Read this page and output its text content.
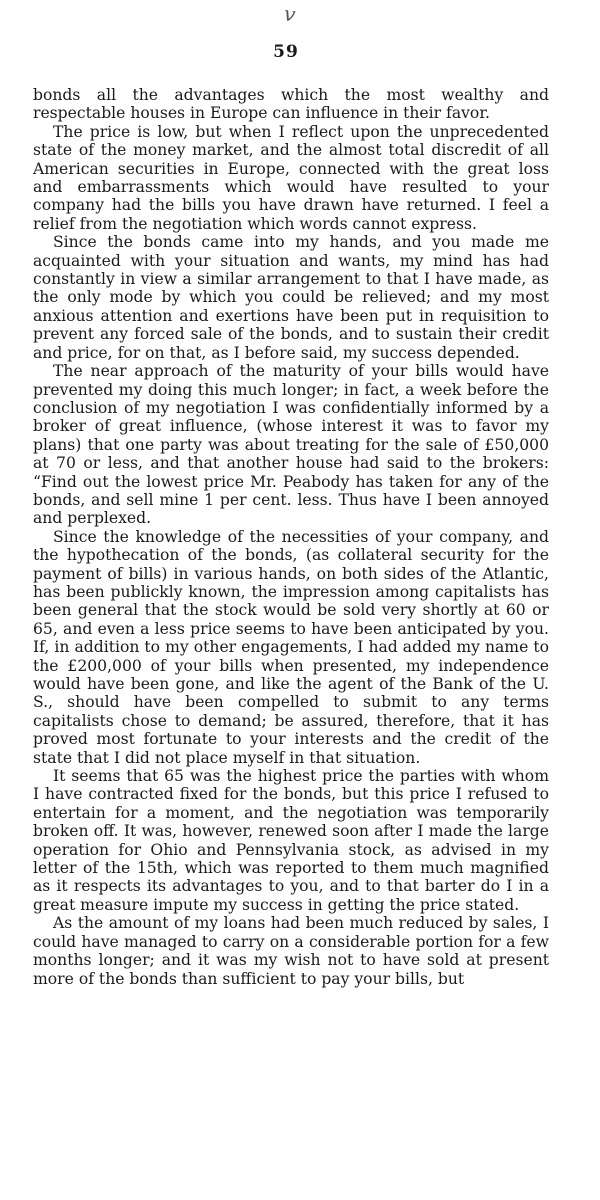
v
59

bonds all the advantages which the most wealthy and respectable houses in Europe can influence in their favor.

The price is low, but when I reflect upon the unprecedented state of the money market, and the almost total discredit of all American securities in Europe, connected with the great loss and embarrassments which would have resulted to your company had the bills you have drawn have returned. I feel a relief from the negotiation which words cannot express.

Since the bonds came into my hands, and you made me acquainted with your situation and wants, my mind has had constantly in view a similar arrangement to that I have made, as the only mode by which you could be relieved; and my most anxious attention and exertions have been put in requisition to prevent any forced sale of the bonds, and to sustain their credit and price, for on that, as I before said, my success depended.

The near approach of the maturity of your bills would have prevented my doing this much longer; in fact, a week before the conclusion of my negotiation I was confidentially informed by a broker of great influence, (whose interest it was to favor my plans) that one party was about treating for the sale of £50,000 at 70 or less, and that another house had said to the brokers: “Find out the lowest price Mr. Peabody has taken for any of the bonds, and sell mine 1 per cent. less. Thus have I been annoyed and perplexed.

Since the knowledge of the necessities of your company, and the hypothecation of the bonds, (as collateral security for the payment of bills) in various hands, on both sides of the Atlantic, has been publickly known, the impression among capitalists has been general that the stock would be sold very shortly at 60 or 65, and even a less price seems to have been anticipated by you. If, in addition to my other engagements, I had added my name to the £200,000 of your bills when presented, my independence would have been gone, and like the agent of the Bank of the U. S., should have been compelled to submit to any terms capitalists chose to demand; be assured, therefore, that it has proved most fortunate to your interests and the credit of the state that I did not place myself in that situation.

It seems that 65 was the highest price the parties with whom I have contracted fixed for the bonds, but this price I refused to entertain for a moment, and the negotiation was temporarily broken off. It was, however, renewed soon after I made the large operation for Ohio and Pennsylvania stock, as advised in my letter of the 15th, which was reported to them much magnified as it respects its advantages to you, and to that barter do I in a great measure impute my success in getting the price stated.

As the amount of my loans had been much reduced by sales, I could have managed to carry on a considerable portion for a few months longer; and it was my wish not to have sold at present more of the bonds than sufficient to pay your bills, but
